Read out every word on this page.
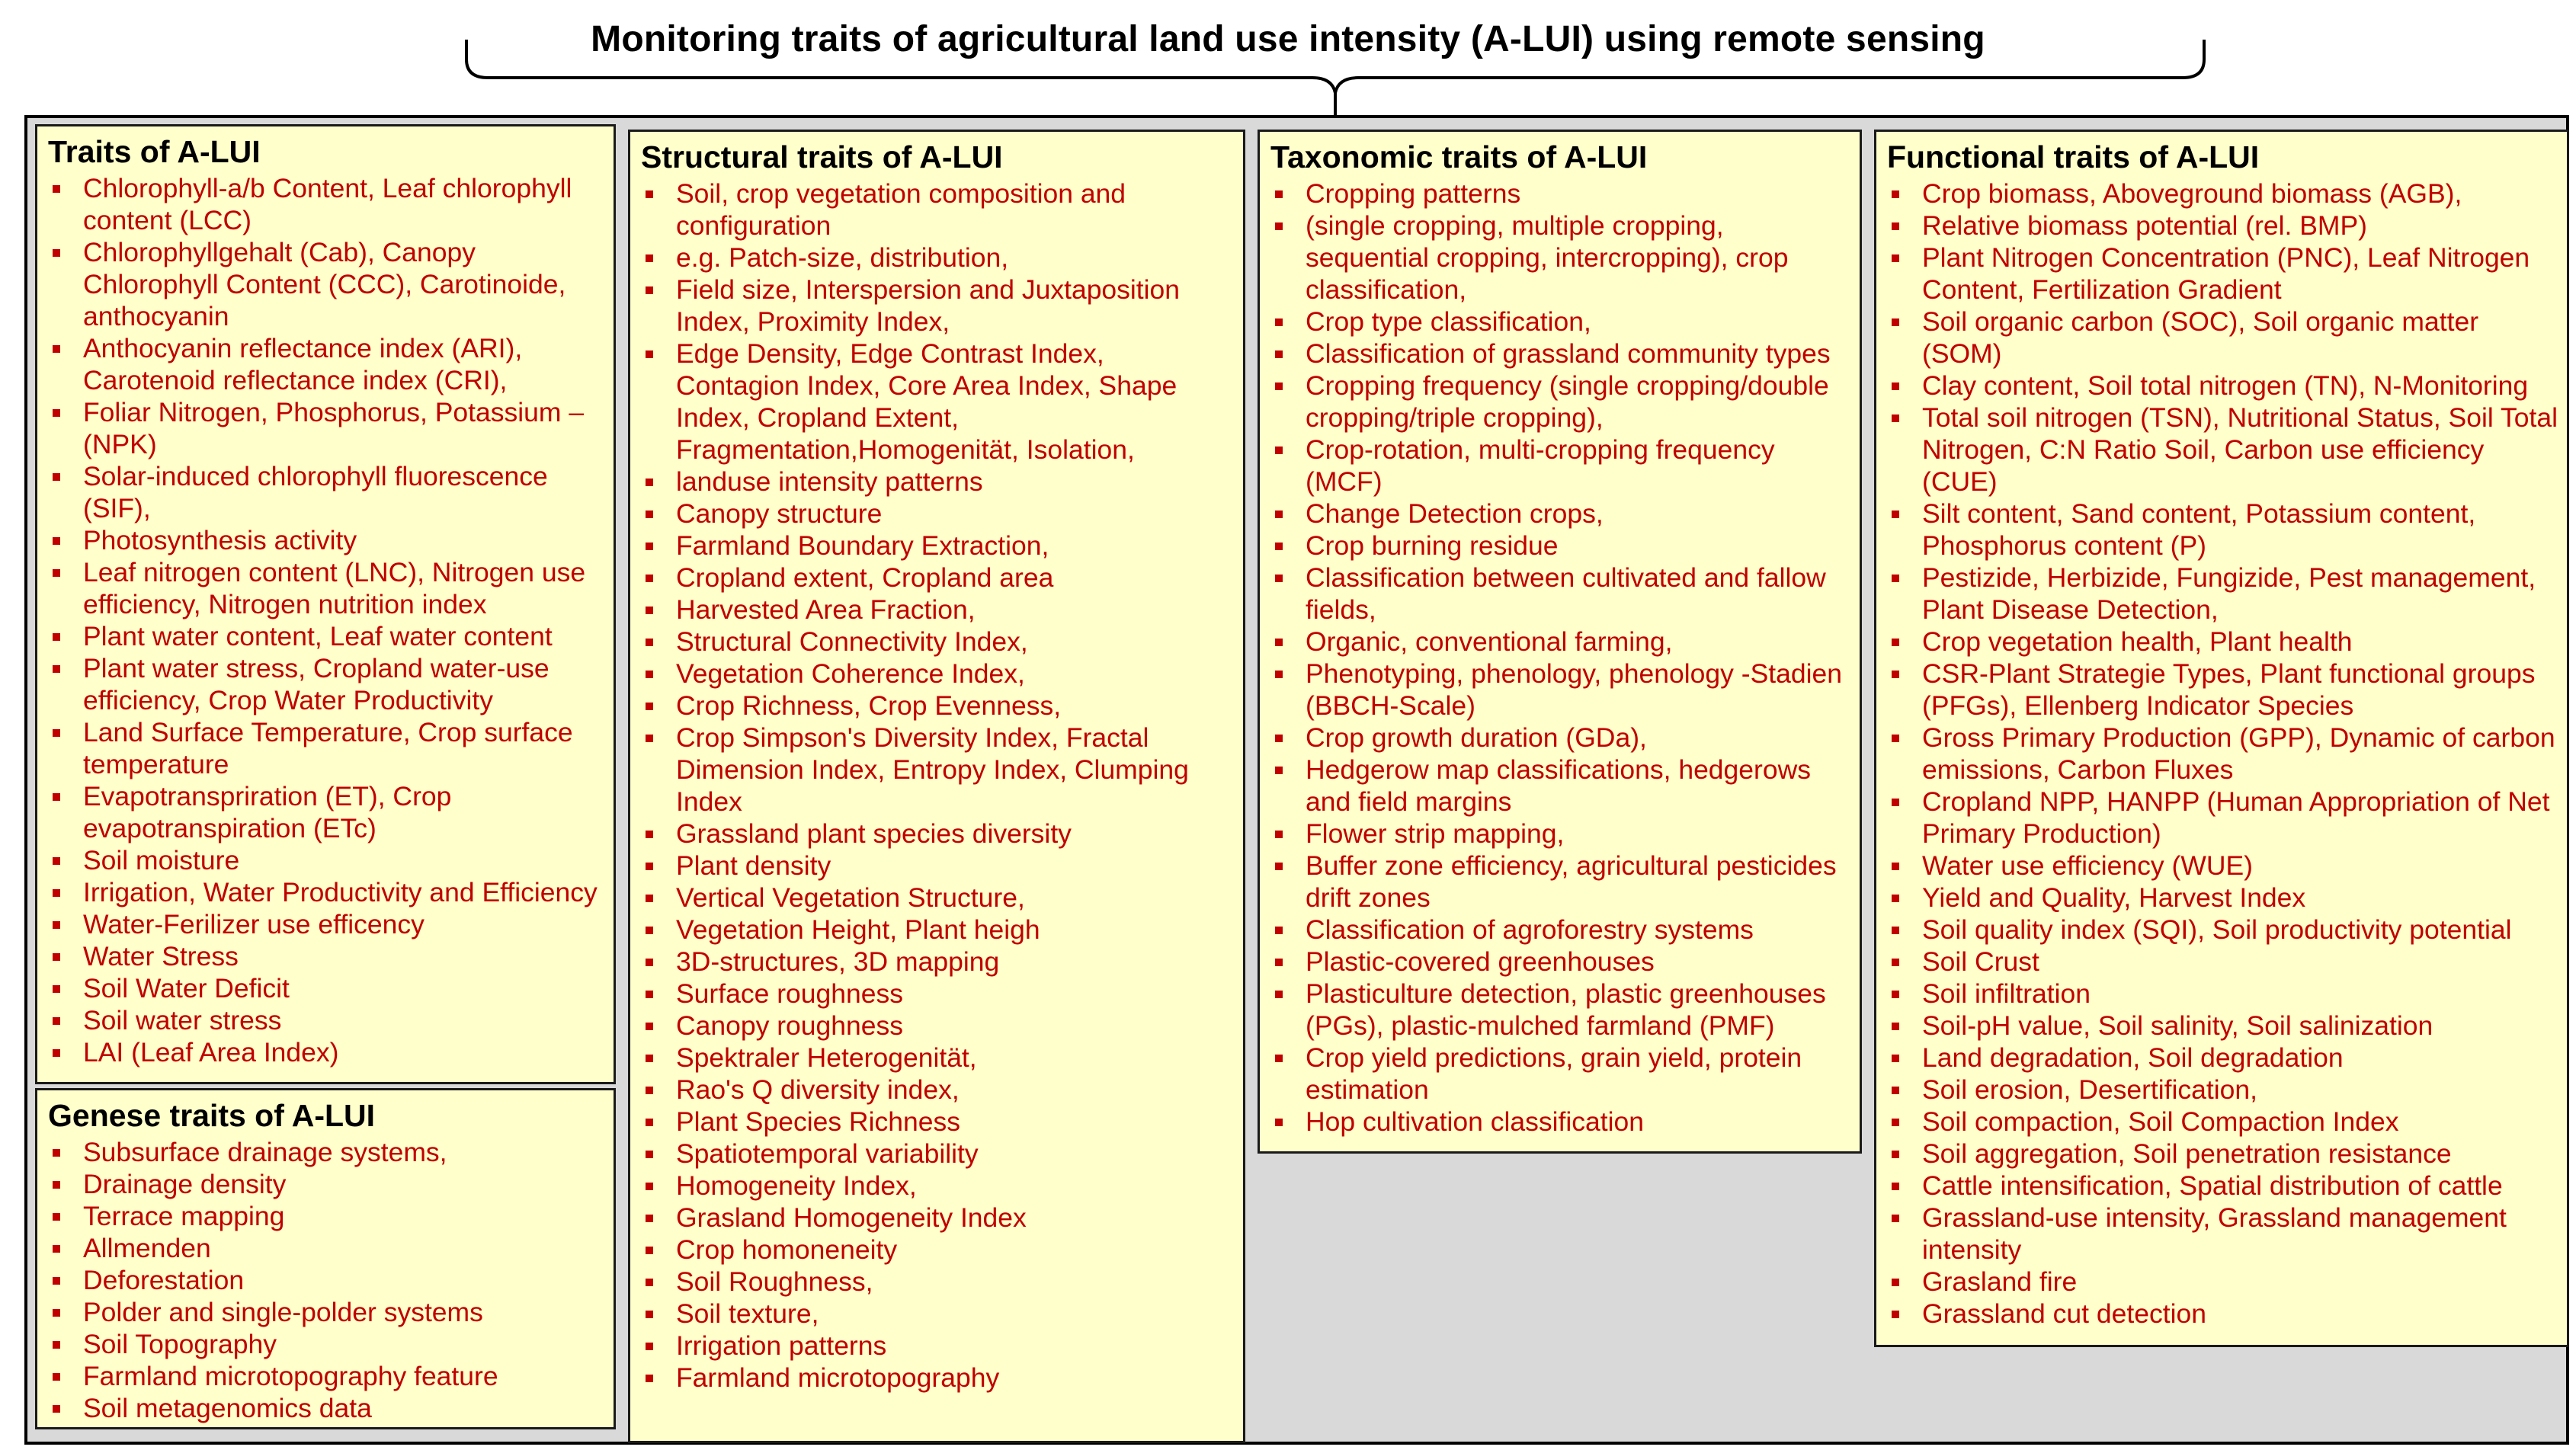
Monitoring traits of agricultural land use intensity (A-LUI) using remote sensing
Traits of A-LUI
Chlorophyll-a/b Content, Leaf chlorophyll content (LCC)
Chlorophyllgehalt (Cab), Canopy Chlorophyll Content (CCC), Carotinoide, anthocyanin
Anthocyanin reflectance index (ARI), Carotenoid reflectance index (CRI),
Foliar Nitrogen, Phosphorus, Potassium – (NPK)
Solar-induced chlorophyll fluorescence (SIF),
Photosynthesis activity
Leaf nitrogen content (LNC), Nitrogen use efficiency, Nitrogen nutrition index
Plant water content, Leaf water content
Plant water stress, Cropland water-use efficiency, Crop Water Productivity
Land Surface Temperature, Crop surface temperature
Evapotranspriration (ET), Crop evapotranspiration (ETc)
Soil moisture
Irrigation, Water Productivity and Efficiency
Water-Ferilizer use efficency
Water Stress
Soil Water Deficit
Soil water stress
LAI (Leaf Area Index)
Genese traits of A-LUI
Subsurface drainage systems,
Drainage density
Terrace mapping
Allmenden
Deforestation
Polder and single-polder systems
Soil Topography
Farmland microtopography feature
Soil metagenomics data
Structural traits of A-LUI
Soil, crop vegetation composition and configuration
e.g. Patch-size, distribution,
Field size, Interspersion and Juxtaposition Index, Proximity Index,
Edge Density, Edge Contrast Index, Contagion Index, Core Area Index, Shape Index, Cropland Extent, Fragmentation,Homogenität, Isolation,
landuse intensity patterns
Canopy structure
Farmland Boundary Extraction,
Cropland extent, Cropland area
Harvested Area Fraction,
Structural Connectivity Index,
Vegetation Coherence Index,
Crop Richness, Crop Evenness,
Crop Simpson's Diversity Index, Fractal Dimension Index, Entropy Index, Clumping Index
Grassland plant species diversity
Plant density
Vertical Vegetation Structure,
Vegetation Height, Plant heigh
3D-structures, 3D mapping
Surface roughness
Canopy roughness
Spektraler Heterogenität,
Rao's Q diversity index,
Plant Species Richness
Spatiotemporal variability
Homogeneity Index,
Grasland Homogeneity Index
Crop homoneneity
Soil Roughness,
Soil texture,
Irrigation patterns
Farmland microtopography
Taxonomic traits of A-LUI
Cropping patterns
(single cropping, multiple cropping, sequential cropping, intercropping), crop classification,
Crop type classification,
Classification of grassland community types
Cropping frequency (single cropping/double cropping/triple cropping),
Crop-rotation, multi-cropping frequency (MCF)
Change Detection crops,
Crop burning residue
Classification between cultivated and fallow fields,
Organic, conventional farming,
Phenotyping, phenology, phenology -Stadien (BBCH-Scale)
Crop growth duration (GDa),
Hedgerow map classifications, hedgerows and field margins
Flower strip mapping,
Buffer zone efficiency, agricultural pesticides drift zones
Classification of agroforestry systems
Plastic-covered greenhouses
Plasticulture detection, plastic greenhouses (PGs), plastic-mulched farmland (PMF)
Crop yield predictions, grain yield, protein estimation
Hop cultivation classification
Functional traits of A-LUI
Crop biomass, Aboveground biomass (AGB),
Relative biomass potential (rel. BMP)
Plant Nitrogen Concentration (PNC), Leaf Nitrogen Content, Fertilization Gradient
Soil organic carbon (SOC), Soil organic matter (SOM)
Clay content, Soil total nitrogen (TN), N-Monitoring
Total soil nitrogen (TSN), Nutritional Status, Soil Total Nitrogen, C:N Ratio Soil, Carbon use efficiency (CUE)
Silt content, Sand content, Potassium content, Phosphorus content (P)
Pestizide, Herbizide, Fungizide, Pest management, Plant Disease Detection,
Crop vegetation health, Plant health
CSR-Plant Strategie Types, Plant functional groups (PFGs), Ellenberg Indicator Species
Gross Primary Production (GPP), Dynamic of carbon emissions, Carbon Fluxes
Cropland NPP, HANPP (Human Appropriation of Net Primary Production)
Water use efficiency (WUE)
Yield and Quality, Harvest Index
Soil quality index (SQI), Soil productivity potential
Soil Crust
Soil infiltration
Soil-pH value, Soil salinity, Soil salinization
Land degradation, Soil degradation
Soil erosion, Desertification,
Soil compaction, Soil Compaction Index
Soil aggregation, Soil penetration resistance
Cattle intensification, Spatial distribution of cattle
Grassland-use intensity, Grassland management intensity
Grasland fire
Grassland cut detection
